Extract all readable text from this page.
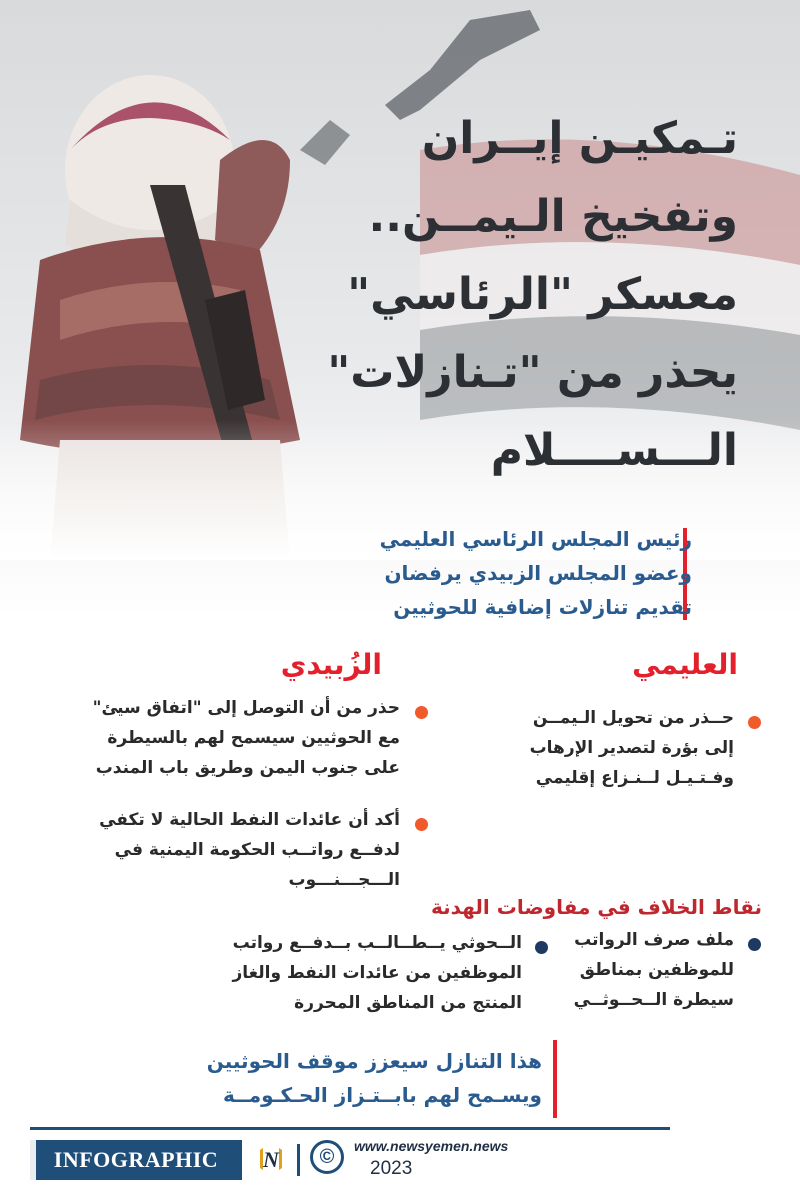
تـمكيـن إيــران
وتفخيخ الـيمــن..
معسكر "الرئاسي"
يحذر من "تـنازلات"
الـــســــلام
رئيس المجلس الرئاسي العليمي
وعضو المجلس الزبيدي يرفضان
تقديم تنازلات إضافية للحوثيين
العليمي
الزُبيدي
حــذر من تحويل الـيمــن
إلى بؤرة لتصدير الإرهاب
وفـتـيـل لــنـزاع إقليمي
حذر من أن التوصل إلى "اتفاق سيئ"
مع الحوثيين سيسمح لهم بالسيطرة
على جنوب اليمن وطريق باب المندب
أكد أن عائدات النفط الحالية لا تكفي
لدفــع رواتــب الحكومة اليمنية في
الـــجـــنـــوب
نقاط الخلاف في مفاوضات الهدنة
ملف صرف الرواتب
للموظفين بمناطق
سيطرة الــحــوثــي
الــحوثي يــطــالــب بــدفــع رواتب
الموظفين من عائدات النفط والغاز
المنتج من المناطق المحررة
هذا التنازل سيعزز موقف الحوثيين
ويسـمح لهم بابــتـزاز الحـكـومــة
INFOGRAPHIC	N	©	www.newsyemen.news
2023
